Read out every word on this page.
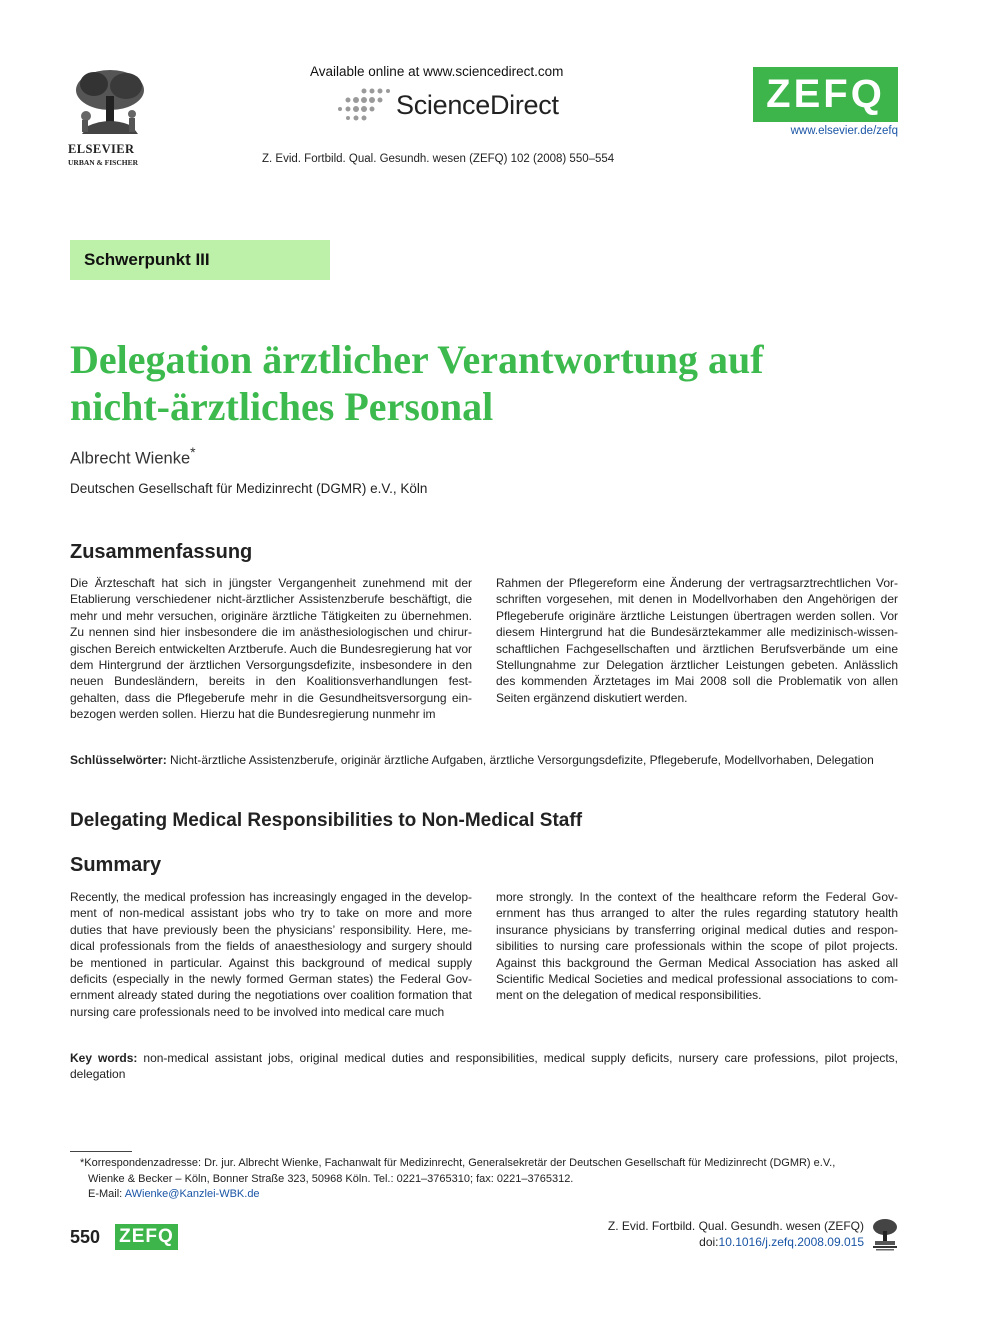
ELSEVIER
URBAN & FISCHER
Available online at www.sciencedirect.com
ScienceDirect
Z. Evid. Fortbild. Qual. Gesundh. wesen (ZEFQ) 102 (2008) 550–554
ZEFQ
www.elsevier.de/zefq
Schwerpunkt III
Delegation ärztlicher Verantwortung auf
nicht-ärztliches Personal
Albrecht Wienke*
Deutschen Gesellschaft für Medizinrecht (DGMR) e.V., Köln
Zusammenfassung
Die Ärzteschaft hat sich in jüngster Vergangenheit zunehmend mit der Etablierung verschiedener nicht-ärztlicher Assistenzberufe beschäftigt, die mehr und mehr versuchen, originäre ärztliche Tätigkeiten zu übernehmen. Zu nennen sind hier insbesondere die im anästhesiologischen und chirurgischen Bereich entwickelten Arztberufe. Auch die Bundesregierung hat vor dem Hintergrund der ärztlichen Versorgungsdefizite, insbesondere in den neuen Bundesländern, bereits in den Koalitionsverhandlungen festgehalten, dass die Pflegeberufe mehr in die Gesundheitsversorgung einbezogen werden sollen. Hierzu hat die Bundesregierung nunmehr im
Rahmen der Pflegereform eine Änderung der vertragsarztrechtlichen Vorschriften vorgesehen, mit denen in Modellvorhaben den Angehörigen der Pflegeberufe originäre ärztliche Leistungen übertragen werden sollen. Vor diesem Hintergrund hat die Bundesärztekammer alle medizinisch-wissenschaftlichen Fachgesellschaften und ärztlichen Berufsverbände um eine Stellungnahme zur Delegation ärztlicher Leistungen gebeten. Anlässlich des kommenden Ärztetages im Mai 2008 soll die Problematik von allen Seiten ergänzend diskutiert werden.
Schlüsselwörter: Nicht-ärztliche Assistenzberufe, originär ärztliche Aufgaben, ärztliche Versorgungsdefizite, Pflegeberufe, Modellvorhaben, Delegation
Delegating Medical Responsibilities to Non-Medical Staff
Summary
Recently, the medical profession has increasingly engaged in the development of non-medical assistant jobs who try to take on more and more duties that have previously been the physicians’ responsibility. Here, medical professionals from the fields of anaesthesiology and surgery should be mentioned in particular. Against this background of medical supply deficits (especially in the newly formed German states) the Federal Government already stated during the negotiations over coalition formation that nursing care professionals need to be involved into medical care much
more strongly. In the context of the healthcare reform the Federal Government has thus arranged to alter the rules regarding statutory health insurance physicians by transferring original medical duties and responsibilities to nursing care professionals within the scope of pilot projects. Against this background the German Medical Association has asked all Scientific Medical Societies and medical professional associations to comment on the delegation of medical responsibilities.
Key words: non-medical assistant jobs, original medical duties and responsibilities, medical supply deficits, nursery care professions, pilot projects, delegation
*Korrespondenzadresse: Dr. jur. Albrecht Wienke, Fachanwalt für Medizinrecht, Generalsekretär der Deutschen Gesellschaft für Medizinrecht (DGMR) e.V.,
Wienke & Becker – Köln, Bonner Straße 323, 50968 Köln. Tel.: 0221–3765310; fax: 0221–3765312.
E-Mail: AWienke@Kanzlei-WBK.de
550 ZEFQ	Z. Evid. Fortbild. Qual. Gesundh. wesen (ZEFQ)
doi:10.1016/j.zefq.2008.09.015
